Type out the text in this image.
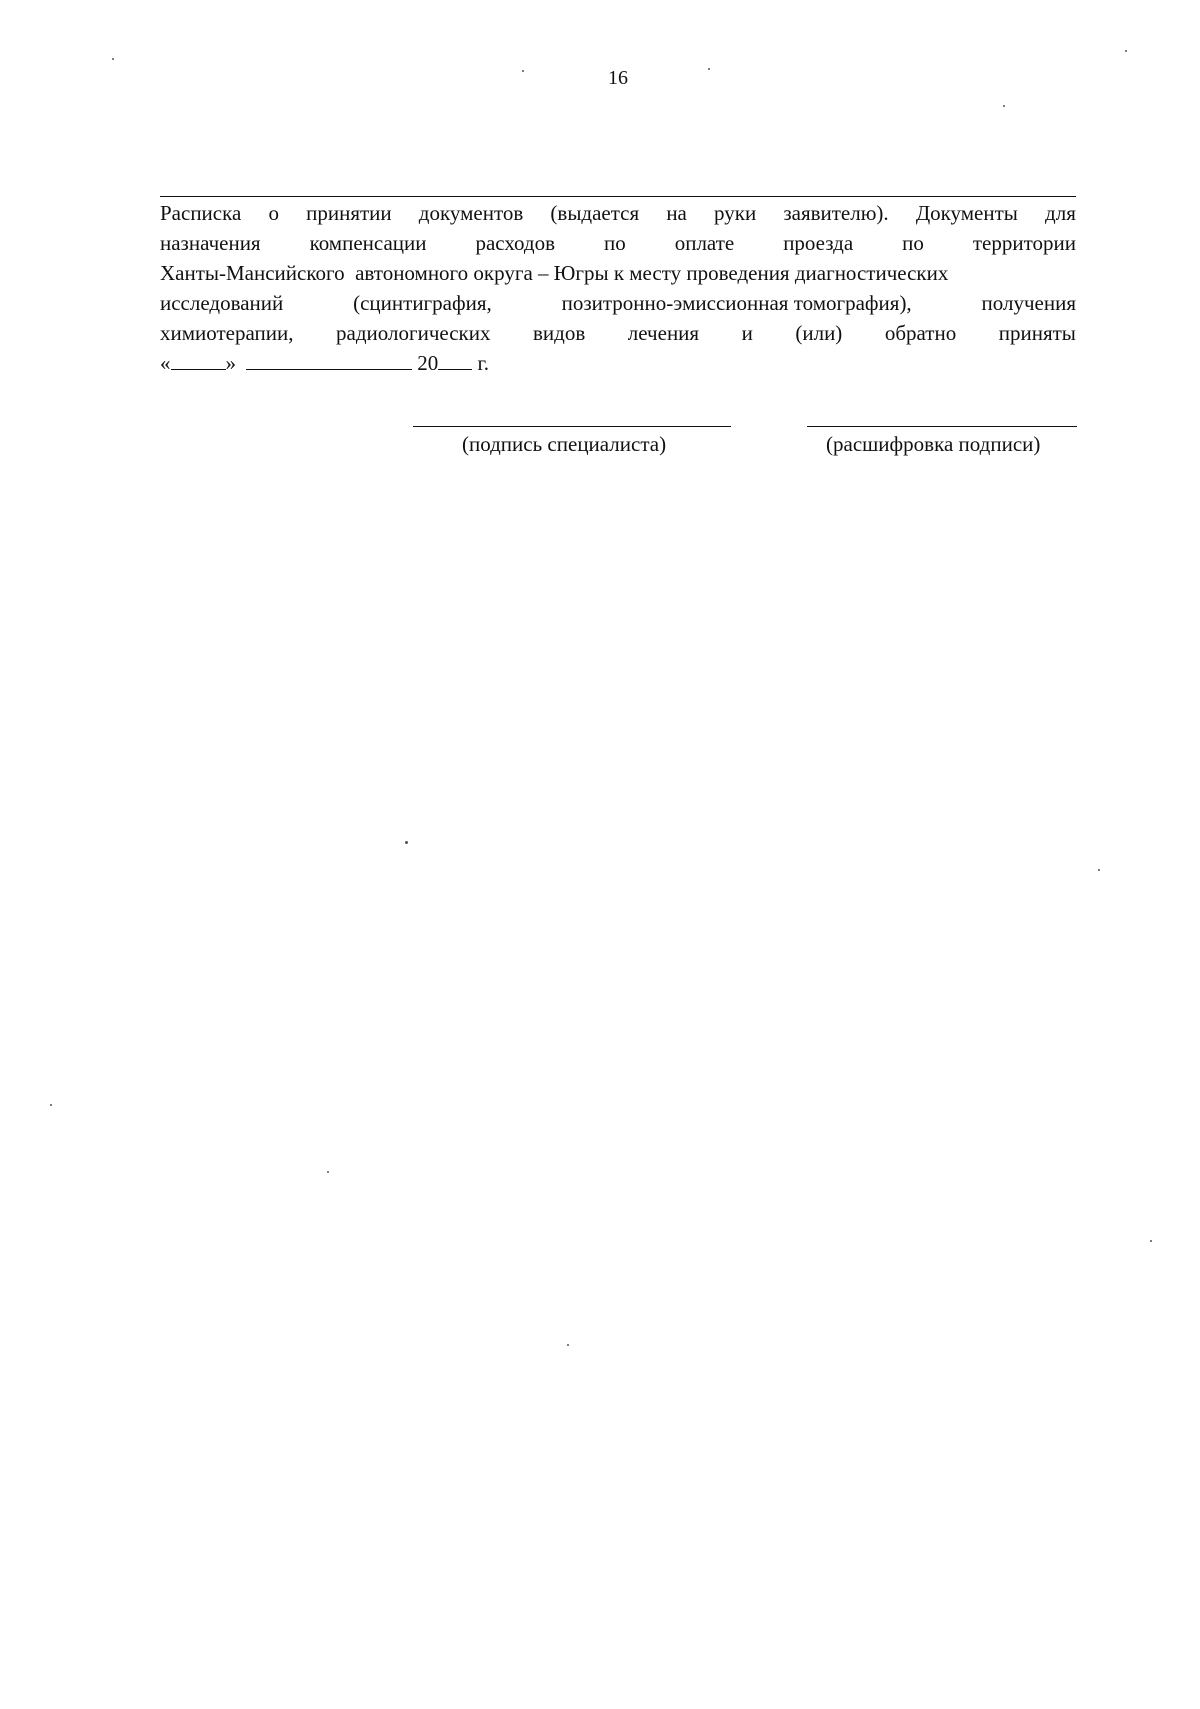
16
Расписка о принятии документов (выдается на руки заявителю). Документы для
назначения компенсации расходов по оплате проезда по территории
Ханты-Мансийского  автономного округа – Югры к месту проведения диагностических
исследований	(сцинтиграфия,	позитронно-эмиссионная томография),	получения
химиотерапии, радиологических видов лечения и (или) обратно приняты
«	»	20 г.
(подпись специалиста)	(расшифровка подписи)
